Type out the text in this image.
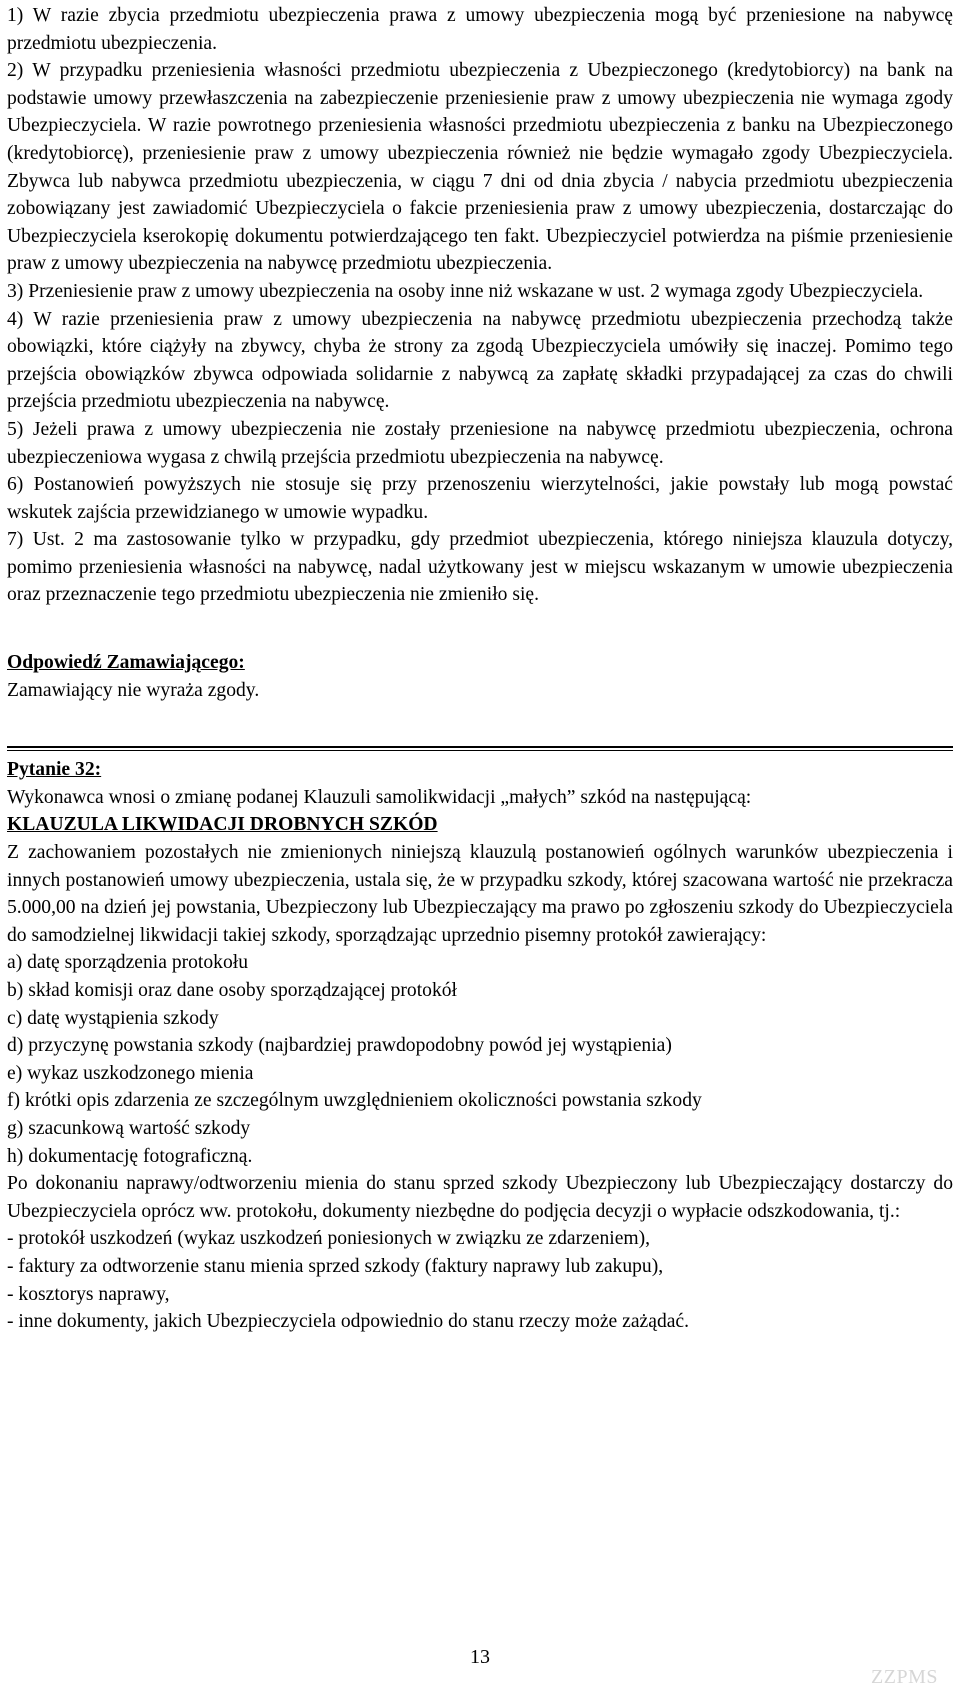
1) W razie zbycia przedmiotu ubezpieczenia prawa z umowy ubezpieczenia mogą być przeniesione na nabywcę przedmiotu ubezpieczenia.

2) W przypadku przeniesienia własności przedmiotu ubezpieczenia z Ubezpieczonego (kredytobiorcy) na bank na podstawie umowy przewłaszczenia na zabezpieczenie przeniesienie praw z umowy ubezpieczenia nie wymaga zgody Ubezpieczyciela. W razie powrotnego przeniesienia własności przedmiotu ubezpieczenia z banku na Ubezpieczonego (kredytobiorcę), przeniesienie praw z umowy ubezpieczenia również nie będzie wymagało zgody Ubezpieczyciela. Zbywca lub nabywca przedmiotu ubezpieczenia, w ciągu 7 dni od dnia zbycia / nabycia przedmiotu ubezpieczenia zobowiązany jest zawiadomić Ubezpieczyciela o fakcie przeniesienia praw z umowy ubezpieczenia, dostarczając do Ubezpieczyciela kserokopię dokumentu potwierdzającego ten fakt. Ubezpieczyciel potwierdza na piśmie przeniesienie praw z umowy ubezpieczenia na nabywcę przedmiotu ubezpieczenia.

3) Przeniesienie praw z umowy ubezpieczenia na osoby inne niż wskazane w ust. 2 wymaga zgody Ubezpieczyciela.

4) W razie przeniesienia praw z umowy ubezpieczenia na nabywcę przedmiotu ubezpieczenia przechodzą także obowiązki, które ciążyły na zbywcy, chyba że strony za zgodą Ubezpieczyciela umówiły się inaczej. Pomimo tego przejścia obowiązków zbywca odpowiada solidarnie z nabywcą za zapłatę składki przypadającej za czas do chwili przejścia przedmiotu ubezpieczenia na nabywcę.

5) Jeżeli prawa z umowy ubezpieczenia nie zostały przeniesione na nabywcę przedmiotu ubezpieczenia, ochrona ubezpieczeniowa wygasa z chwilą przejścia przedmiotu ubezpieczenia na nabywcę.

6) Postanowień powyższych nie stosuje się przy przenoszeniu wierzytelności, jakie powstały lub mogą powstać wskutek zajścia przewidzianego w umowie wypadku.

7) Ust. 2 ma zastosowanie tylko w przypadku, gdy przedmiot ubezpieczenia, którego niniejsza klauzula dotyczy, pomimo przeniesienia własności na nabywcę, nadal użytkowany jest w miejscu wskazanym w umowie ubezpieczenia oraz przeznaczenie tego przedmiotu ubezpieczenia nie zmieniło się.

Odpowiedź Zamawiającego:

Zamawiający nie wyraża zgody.

Pytanie 32:

Wykonawca wnosi o zmianę podanej Klauzuli samolikwidacji „małych” szkód na następującą:

KLAUZULA LIKWIDACJI DROBNYCH SZKÓD

Z zachowaniem pozostałych nie zmienionych niniejszą klauzulą postanowień ogólnych warunków ubezpieczenia i innych postanowień umowy ubezpieczenia, ustala się, że w przypadku szkody, której szacowana wartość nie przekracza 5.000,00 na dzień jej powstania, Ubezpieczony lub Ubezpieczający ma prawo po zgłoszeniu szkody do Ubezpieczyciela do samodzielnej likwidacji takiej szkody, sporządzając uprzednio pisemny protokół zawierający:

a) datę sporządzenia protokołu

b) skład komisji oraz dane osoby sporządzającej protokół

c) datę wystąpienia szkody

d) przyczynę powstania szkody (najbardziej prawdopodobny powód jej wystąpienia)

e) wykaz uszkodzonego mienia

f) krótki opis zdarzenia ze szczególnym uwzględnieniem okoliczności powstania szkody

g) szacunkową wartość szkody

h) dokumentację fotograficzną.

Po dokonaniu naprawy/odtworzeniu mienia do stanu sprzed szkody Ubezpieczony lub Ubezpieczający dostarczy do Ubezpieczyciela oprócz ww. protokołu, dokumenty niezbędne do podjęcia decyzji o wypłacie odszkodowania, tj.:

- protokół uszkodzeń (wykaz uszkodzeń poniesionych w związku ze zdarzeniem),

- faktury za odtworzenie stanu mienia sprzed szkody (faktury naprawy lub zakupu),

- kosztorys naprawy,

- inne dokumenty, jakich Ubezpieczyciela odpowiednio do stanu rzeczy może zażądać.

13
ZZPMS
